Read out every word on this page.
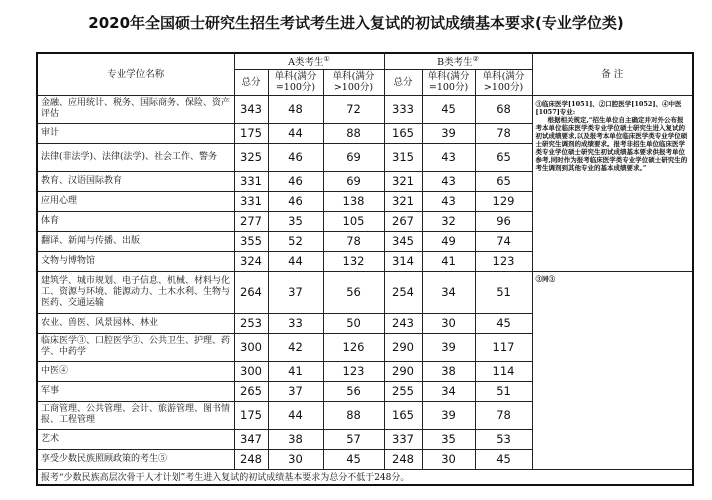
2020年全国硕士研究生招生考试考生进入复试的初试成绩基本要求(专业学位类)
专业学位名称	A类考生①			B类考生②			备 注
	总分	单科(满分
=100分)	单科(满分
>100分)	总分	单科(满分
=100分)	单科(满分
>100分)	
金融、应用统计、税务、国际商务、保险、资产评估	343	48	72	333	45	68	③临床医学[1051]、②口腔医学[1052]、④中医[1057]专业:
根据相关规定,“招生单位自主确定并对外公布报考本单位临床医学类专业学位硕士研究生进入复试的初试成绩要求,以及报考本单位临床医学类专业学位硕士研究生调剂的成绩要求。报考非招生单位临床医学类专业学位硕士研究生初试成绩基本要求供报考单位参考,同时作为报考临床医学类专业学位硕士研究生的考生调剂到其他专业的基本成绩要求。”

审计	175	44	88	165	39	78	
法律(非法学)、法律(法学)、社会工作、警务	325	46	69	315	43	65	
教育、汉语国际教育	331	46	69	321	43	65	
应用心理	331	46	138	321	43	129	
体育	277	35	105	267	32	96	
翻译、新闻与传播、出版	355	52	78	345	49	74	
文物与博物馆	324	44	132	314	41	123	
建筑学、城市规划、电子信息、机械、材料与化工、资源与环境、能源动力、土木水利、生物与医药、交通运输	264	37	56	254	34	51	③同③
农业、兽医、风景园林、林业	253	33	50	243	30	45	
临床医学③、口腔医学③、公共卫生、护理、药学、中药学	300	42	126	290	39	117	
中医④	300	41	123	290	38	114	
军事	265	37	56	255	34	51	
工商管理、公共管理、会计、旅游管理、图书情报、工程管理	175	44	88	165	39	78	
艺术	347	38	57	337	35	53	
享受少数民族照顾政策的考生⑤	248	30	45	248	30	45	
报考“少数民族高层次骨干人才计划”考生进入复试的初试成绩基本要求为总分不低于248分。							
